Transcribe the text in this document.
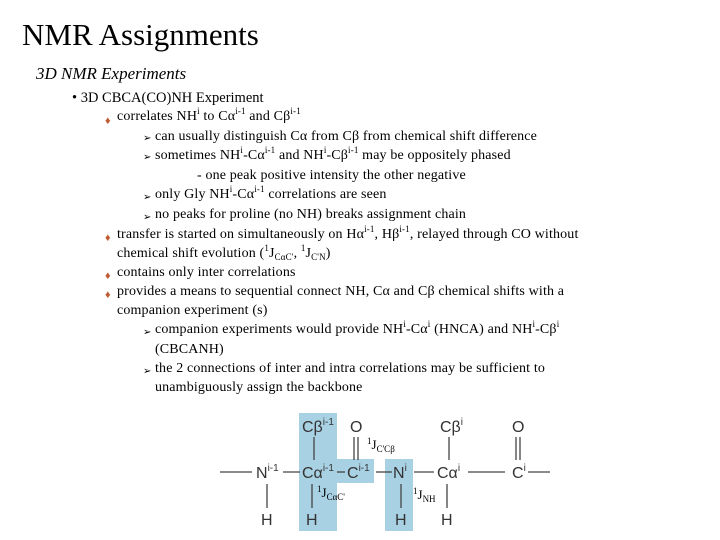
NMR Assignments
3D NMR Experiments
• 3D CBCA(CO)NH Experiment
♦ correlates $NH^i$ to $C\alpha^{i-1}$ and $C\beta^{i-1}$
➢ can usually distinguish Cα from Cβ from chemical shift difference
➢ sometimes $NH^i-C\alpha^{i-1}$ and $NH^i-C\beta^{i-1}$ may be oppositely phased
- one peak positive intensity the other negative
➢ only Gly $NH^i-C\alpha^{i-1}$ correlations are seen
➢ no peaks for proline (no NH) breaks assignment chain
♦ transfer is started on simultaneously on $H\alpha^{i-1}$, $H\beta^{i-1}$, relayed through CO without
chemical shift evolution ($^1J_{C\alpha C'}$, $^1J_{C'N}$)
♦ contains only inter correlations
♦ provides a means to sequential connect NH, Cα and Cβ chemical shifts with a
companion experiment (s)
➢ companion experiments would provide $NH^i-C\alpha^i$ (HNCA) and $NH^i-C\beta^i$
(CBCANH)
➢ the 2 connections of inter and intra correlations may be sufficient to
unambiguously assign the backbone
$C\beta^{i-1}$ O	$C\beta^i$	O
$N^{i-1}$ $C\alpha^{i-1}$ $C^{i-1}$ $N^i$ $C\alpha^i$	$C^i$
H H	H H
$^1J_{C'C\beta}$
$^1J_{C\alpha C'}$
$^1J_{NH}$
